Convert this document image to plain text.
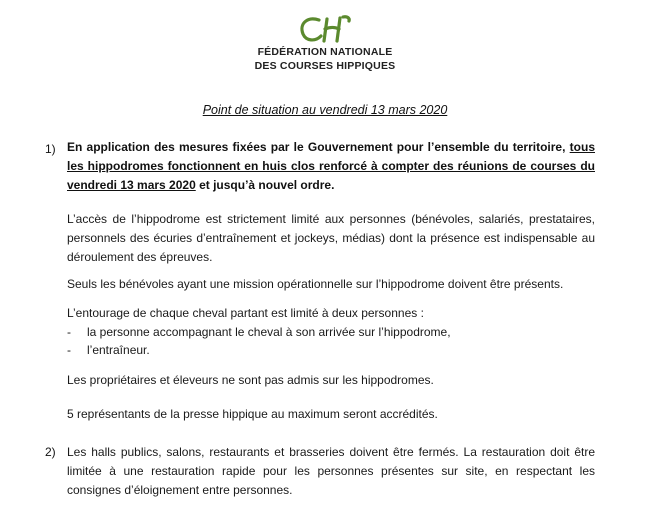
FÉDÉRATION NATIONALE
DES COURSES HIPPIQUES
Point de situation au vendredi 13 mars 2020
1) En application des mesures fixées par le Gouvernement pour l’ensemble du territoire, tous les hippodromes fonctionnent en huis clos renforcé à compter des réunions de courses du vendredi 13 mars 2020 et jusqu’à nouvel ordre.
L’accès de l’hippodrome est strictement limité aux personnes (bénévoles, salariés, prestataires, personnels des écuries d’entraînement et jockeys, médias) dont la présence est indispensable au déroulement des épreuves.
Seuls les bénévoles ayant une mission opérationnelle sur l’hippodrome doivent être présents.
L’entourage de chaque cheval partant est limité à deux personnes :
- la personne accompagnant le cheval à son arrivée sur l’hippodrome,
- l’entraîneur.
Les propriétaires et éleveurs ne sont pas admis sur les hippodromes.
5 représentants de la presse hippique au maximum seront accrédités.
2) Les halls publics, salons, restaurants et brasseries doivent être fermés. La restauration doit être limitée à une restauration rapide pour les personnes présentes sur site, en respectant les consignes d’éloignement entre personnes.
